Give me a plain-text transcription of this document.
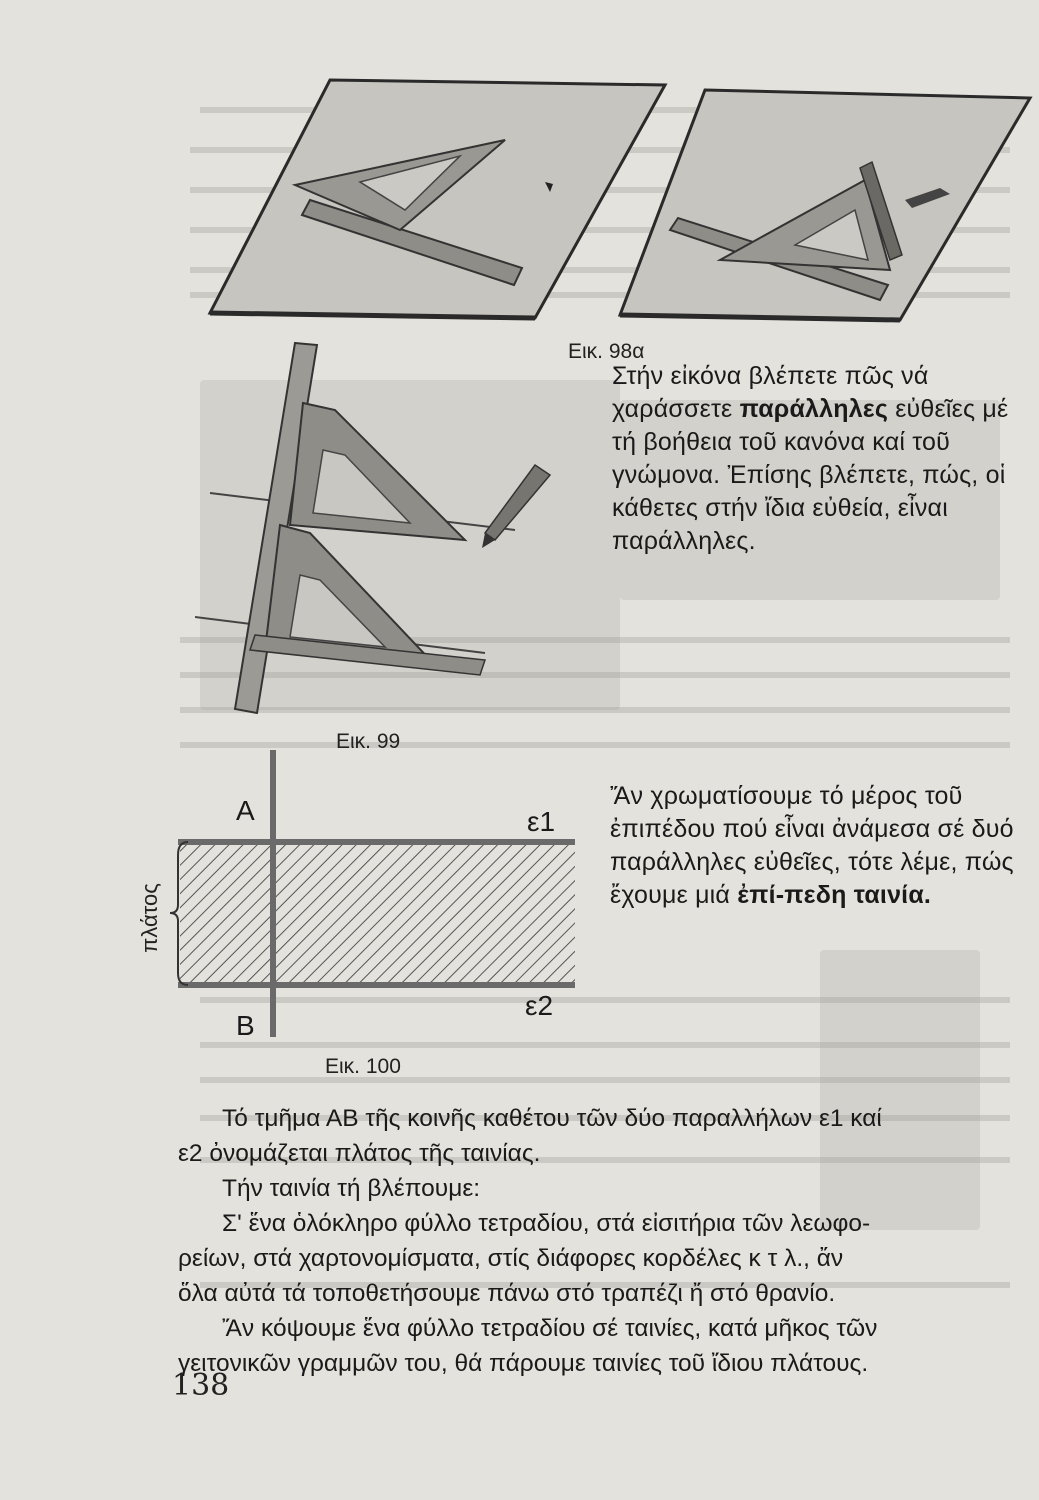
Εικ. 98α
Εικ. 99

Στήν εἰκόνα βλέπετε πῶς νά χαράσσετε παράλληλες εὐθεῖες μέ τή βοήθεια τοῦ κανόνα καί τοῦ γνώμονα. Ἐπίσης βλέπετε, πώς, οἱ κάθετες στήν ἴδια εὐθεία, εἶναι παράλληλες.

A
B
ε1
ε2
πλάτος
Εικ. 100

Ἄν χρωματίσουμε τό μέρος τοῦ ἐπιπέδου πού εἶναι ἀνάμεσα σέ δυό παράλληλες εὐθεῖες, τότε λέμε, πώς ἔχουμε μιά ἐπί-πεδη ταινία.

Τό τμῆμα ΑΒ τῆς κοινῆς καθέτου τῶν δύο παραλλήλων ε1 καί
ε2 ὀνομάζεται πλάτος τῆς ταινίας.
Τήν ταινία τή βλέπουμε:
Σ' ἕνα ὁλόκληρο φύλλο τετραδίου, στά εἰσιτήρια τῶν λεωφο-
ρείων, στά χαρτονομίσματα, στίς διάφορες κορδέλες κ τ λ., ἄν
ὅλα αὐτά τά τοποθετήσουμε πάνω στό τραπέζι ἤ στό θρανίο.
Ἄν κόψουμε ἕνα φύλλο τετραδίου σέ ταινίες, κατά μῆκος τῶν
γειτονικῶν γραμμῶν του, θά πάρουμε ταινίες τοῦ ἴδιου πλάτους.
138
